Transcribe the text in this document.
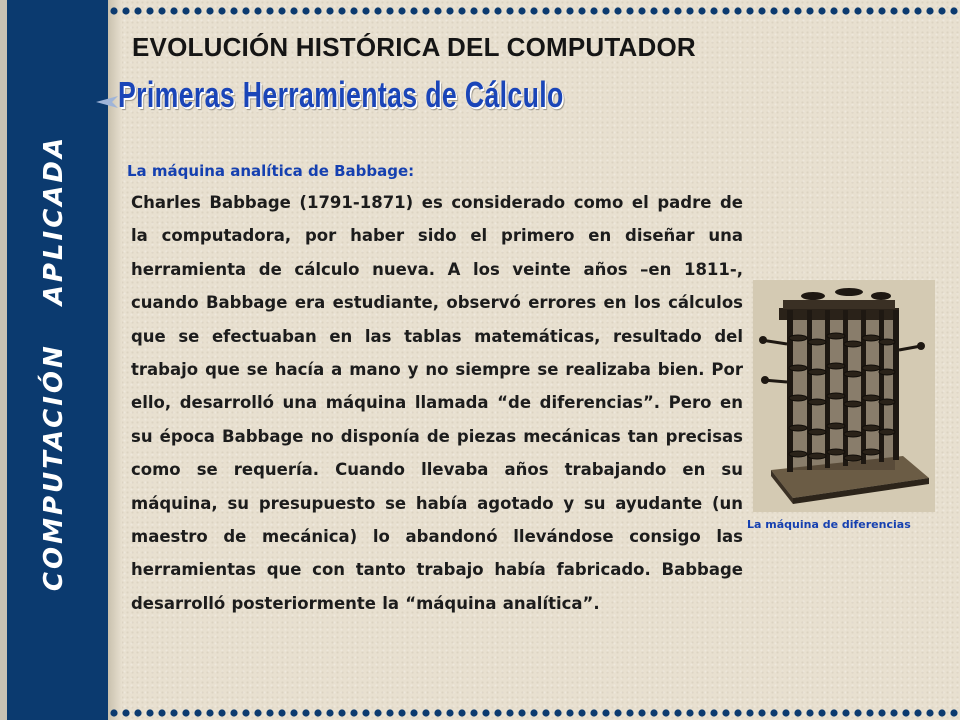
COMPUTACIÓN
APLICADA
EVOLUCIÓN HISTÓRICA DEL COMPUTADOR
Primeras Herramientas de Cálculo
La máquina analítica de Babbage:

Charles Babbage (1791-1871) es considerado como el padre de la computadora, por haber sido el primero en diseñar una herramienta de cálculo nueva. A los veinte años –en 1811-, cuando Babbage era estudiante, observó errores en los cálculos que se efectuaban en las tablas matemáticas, resultado del trabajo que se hacía a mano y no siempre se realizaba bien. Por ello, desarrolló una máquina llamada “de diferencias”. Pero en su época Babbage no disponía de piezas mecánicas tan precisas como se requería. Cuando llevaba años trabajando en su máquina, su presupuesto se había agotado y su ayudante (un maestro de mecánica) lo abandonó llevándose consigo las herramientas que con tanto trabajo había fabricado. Babbage desarrolló posteriormente la “máquina analítica”.

La máquina de diferencias
